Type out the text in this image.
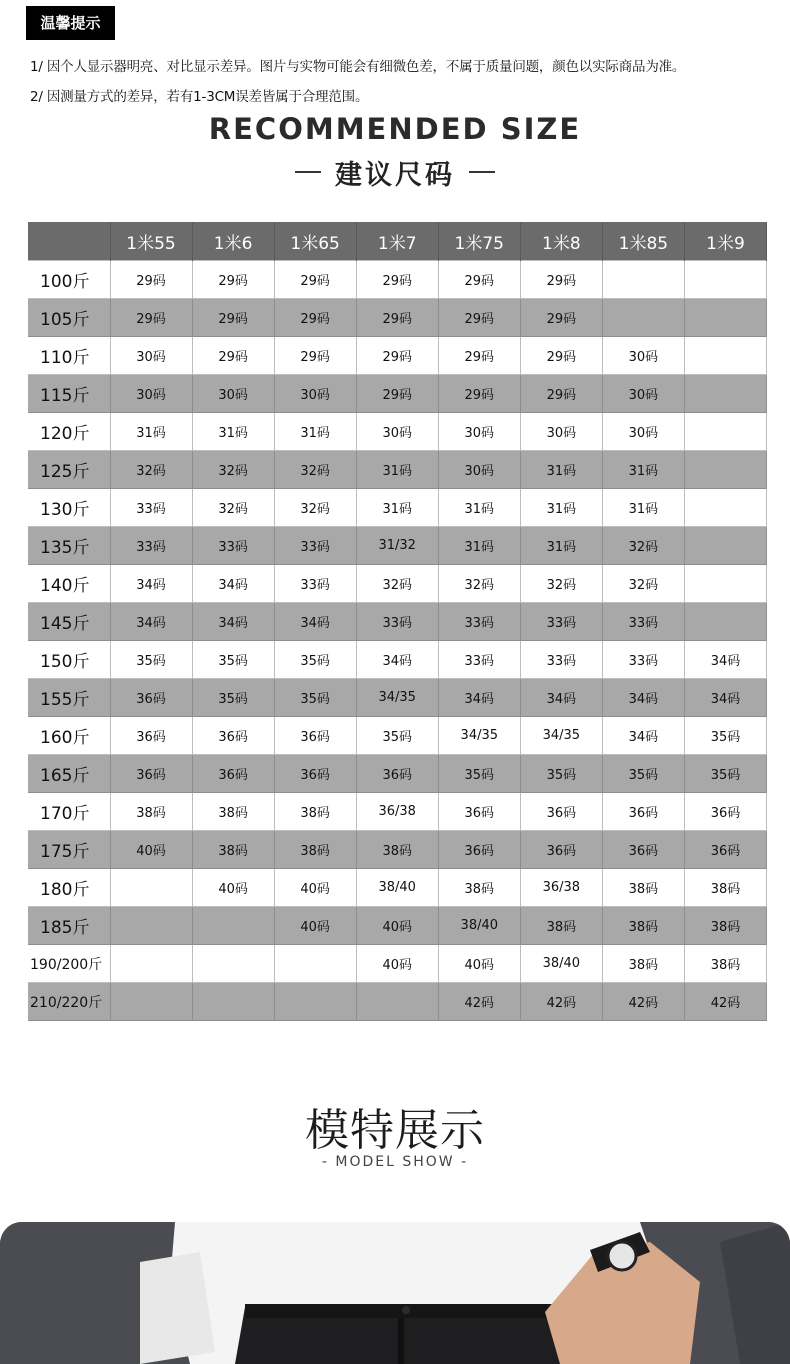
温馨提示
1/ 因个人显示器明亮、对比显示差异。图片与实物可能会有细微色差，不属于质量问题，颜色以实际商品为准。
2/ 因测量方式的差异，若有1-3CM误差皆属于合理范围。
RECOMMENDED SIZE
建议尺码
	1米55	1米6	1米65	1米7	1米75	1米8	1米85	1米9
100斤	29码	29码	29码	29码	29码	29码		
105斤	29码	29码	29码	29码	29码	29码		
110斤	30码	29码	29码	29码	29码	29码	30码	
115斤	30码	30码	30码	29码	29码	29码	30码	
120斤	31码	31码	31码	30码	30码	30码	30码	
125斤	32码	32码	32码	31码	30码	31码	31码	
130斤	33码	32码	32码	31码	31码	31码	31码	
135斤	33码	33码	33码	31/32	31码	31码	32码	
140斤	34码	34码	33码	32码	32码	32码	32码	
145斤	34码	34码	34码	33码	33码	33码	33码	
150斤	35码	35码	35码	34码	33码	33码	33码	34码
155斤	36码	35码	35码	34/35	34码	34码	34码	34码
160斤	36码	36码	36码	35码	34/35	34/35	34码	35码
165斤	36码	36码	36码	36码	35码	35码	35码	35码
170斤	38码	38码	38码	36/38	36码	36码	36码	36码
175斤	40码	38码	38码	38码	36码	36码	36码	36码
180斤		40码	40码	38/40	38码	36/38	38码	38码
185斤			40码	40码	38/40	38码	38码	38码
190/200斤				40码	40码	38/40	38码	38码
210/220斤					42码	42码	42码	42码
模特展示
- MODEL SHOW -
